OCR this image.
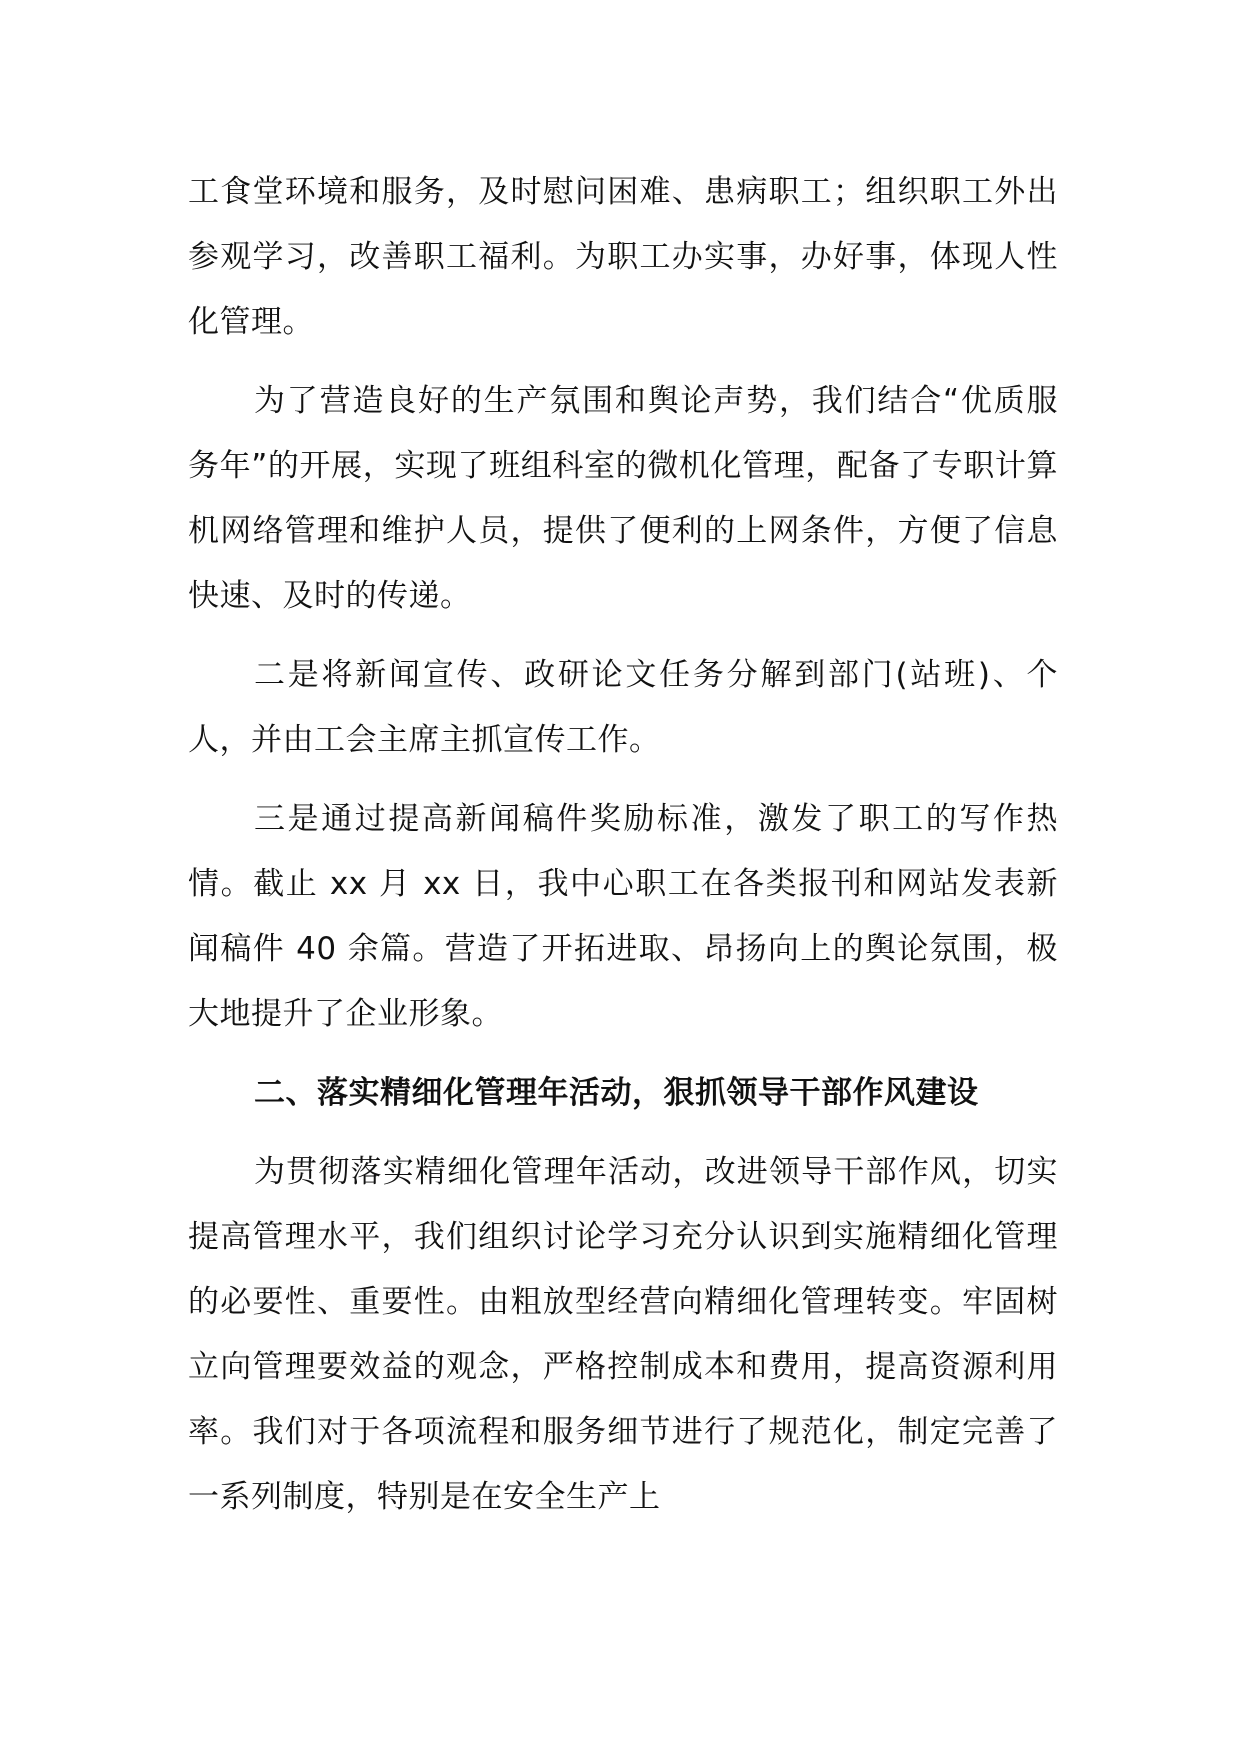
工食堂环境和服务，及时慰问困难、患病职工；组织职工外出参观学习，改善职工福利。为职工办实事，办好事，体现人性化管理。

为了营造良好的生产氛围和舆论声势，我们结合“优质服务年”的开展，实现了班组科室的微机化管理，配备了专职计算机网络管理和维护人员，提供了便利的上网条件，方便了信息快速、及时的传递。

二是将新闻宣传、政研论文任务分解到部门(站班)、个人，并由工会主席主抓宣传工作。

三是通过提高新闻稿件奖励标准，激发了职工的写作热情。截止 xx 月 xx 日，我中心职工在各类报刊和网站发表新闻稿件 40 余篇。营造了开拓进取、昂扬向上的舆论氛围，极大地提升了企业形象。

二、落实精细化管理年活动，狠抓领导干部作风建设

为贯彻落实精细化管理年活动，改进领导干部作风，切实提高管理水平，我们组织讨论学习充分认识到实施精细化管理的必要性、重要性。由粗放型经营向精细化管理转变。牢固树立向管理要效益的观念，严格控制成本和费用，提高资源利用率。我们对于各项流程和服务细节进行了规范化，制定完善了一系列制度，特别是在安全生产上
